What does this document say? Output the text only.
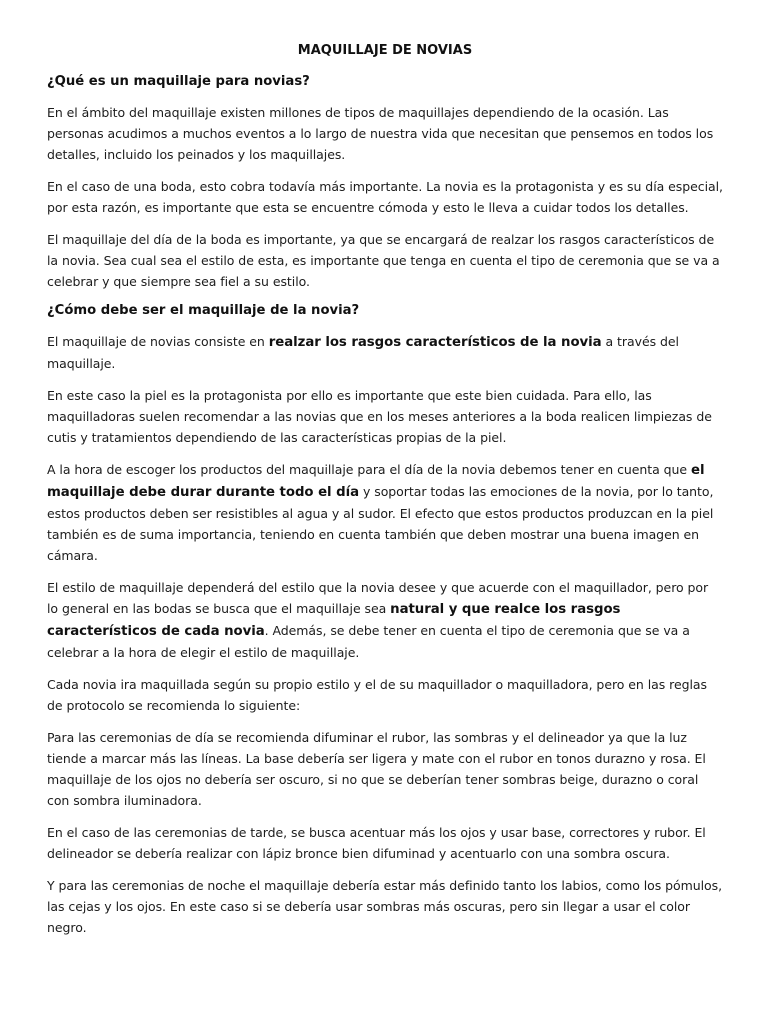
MAQUILLAJE DE NOVIAS
¿Qué es un maquillaje para novias?

En el ámbito del maquillaje existen millones de tipos de maquillajes dependiendo de la ocasión. Las personas acudimos a muchos eventos a lo largo de nuestra vida que necesitan que pensemos en todos los detalles, incluido los peinados y los maquillajes.

En el caso de una boda, esto cobra todavía más importante. La novia es la protagonista y es su día especial, por esta razón, es importante que esta se encuentre cómoda y esto le lleva a cuidar todos los detalles.

El maquillaje del día de la boda es importante, ya que se encargará de realzar los rasgos característicos de la novia. Sea cual sea el estilo de esta, es importante que tenga en cuenta el tipo de ceremonia que se va a celebrar y que siempre sea fiel a su estilo.

¿Cómo debe ser el maquillaje de la novia?

El maquillaje de novias consiste en realzar los rasgos característicos de la novia a través del maquillaje.

En este caso la piel es la protagonista por ello es importante que este bien cuidada. Para ello, las maquilladoras suelen recomendar a las novias que en los meses anteriores a la boda realicen limpiezas de cutis y tratamientos dependiendo de las características propias de la piel.

A la hora de escoger los productos del maquillaje para el día de la novia debemos tener en cuenta que el maquillaje debe durar durante todo el día y soportar todas las emociones de la novia, por lo tanto, estos productos deben ser resistibles al agua y al sudor. El efecto que estos productos produzcan en la piel también es de suma importancia, teniendo en cuenta también que deben mostrar una buena imagen en cámara.

El estilo de maquillaje dependerá del estilo que la novia desee y que acuerde con el maquillador, pero por lo general en las bodas se busca que el maquillaje sea natural y que realce los rasgos característicos de cada novia. Además, se debe tener en cuenta el tipo de ceremonia que se va a celebrar a la hora de elegir el estilo de maquillaje.

Cada novia ira maquillada según su propio estilo y el de su maquillador o maquilladora, pero en las reglas de protocolo se recomienda lo siguiente:

Para las ceremonias de día se recomienda difuminar el rubor, las sombras y el delineador ya que la luz tiende a marcar más las líneas. La base debería ser ligera y mate con el rubor en tonos durazno y rosa. El maquillaje de los ojos no debería ser oscuro, si no que se deberían tener sombras beige, durazno o coral con sombra iluminadora.

En el caso de las ceremonias de tarde, se busca acentuar más los ojos y usar base, correctores y rubor. El delineador se debería realizar con lápiz bronce bien difuminad y acentuarlo con una sombra oscura.

Y para las ceremonias de noche el maquillaje debería estar más definido tanto los labios, como los pómulos, las cejas y los ojos. En este caso si se debería usar sombras más oscuras, pero sin llegar a usar el color negro.
